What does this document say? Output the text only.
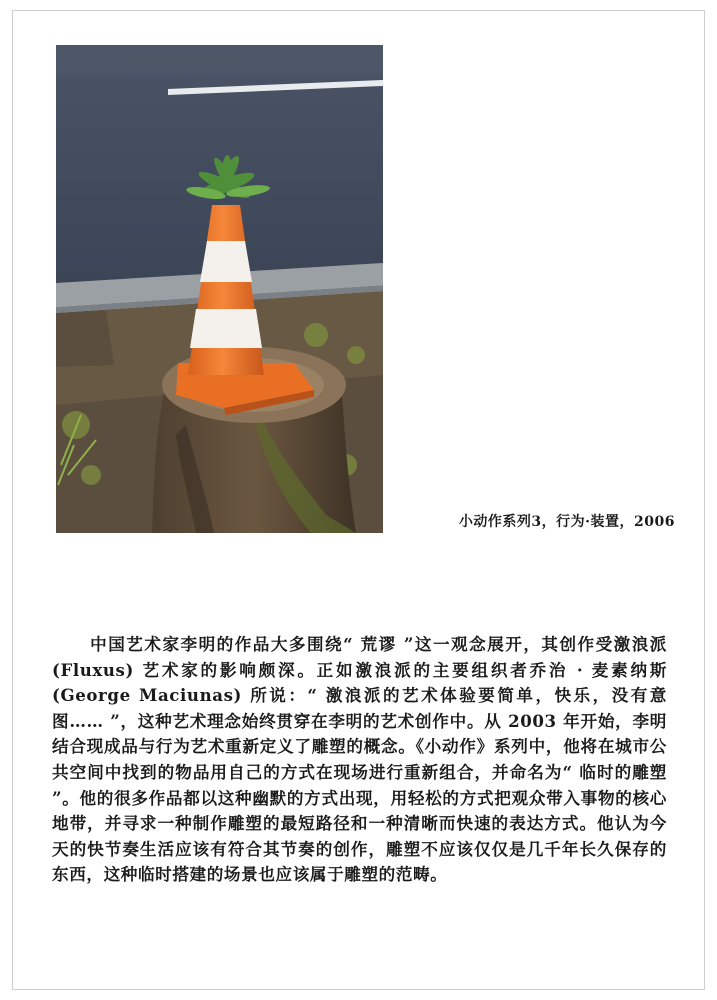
小动作系列3，行为·装置，2006

中国艺术家李明的作品大多围绕“ 荒谬 ”这一观念展开，其创作受激浪派 (Fluxus) 艺术家的影响颇深。正如激浪派的主要组织者乔治 · 麦素纳斯 (George Maciunas) 所说：“ 激浪派的艺术体验要简单，快乐，没有意图…… ”，这种艺术理念始终贯穿在李明的艺术创作中。从 2003 年开始，李明结合现成品与行为艺术重新定义了雕塑的概念。《小动作》系列中，他将在城市公共空间中找到的物品用自己的方式在现场进行重新组合，并命名为“ 临时的雕塑 ”。他的很多作品都以这种幽默的方式出现，用轻松的方式把观众带入事物的核心地带，并寻求一种制作雕塑的最短路径和一种清晰而快速的表达方式。他认为今天的快节奏生活应该有符合其节奏的创作，雕塑不应该仅仅是几千年长久保存的东西，这种临时搭建的场景也应该属于雕塑的范畴。
